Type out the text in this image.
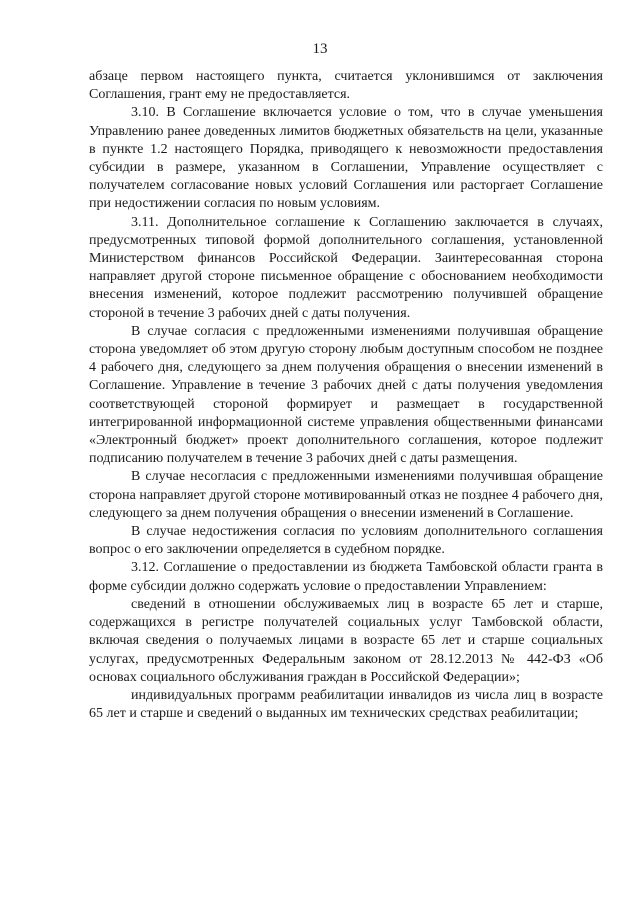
13

абзаце первом настоящего пункта, считается уклонившимся от заключения Соглашения, грант ему не предоставляется.

3.10. В Соглашение включается условие о том, что в случае уменьшения Управлению ранее доведенных лимитов бюджетных обязательств на цели, указанные в пункте 1.2 настоящего Порядка, приводящего к невозможности предоставления субсидии в размере, указанном в Соглашении, Управление осуществляет с получателем согласование новых условий Соглашения или расторгает Соглашение при недостижении согласия по новым условиям.

3.11. Дополнительное соглашение к Соглашению заключается в случаях, предусмотренных типовой формой дополнительного соглашения, установленной Министерством финансов Российской Федерации. Заинтересованная сторона направляет другой стороне письменное обращение с обоснованием необходимости внесения изменений, которое подлежит рассмотрению получившей обращение стороной в течение 3 рабочих дней с даты получения.

В случае согласия с предложенными изменениями получившая обращение сторона уведомляет об этом другую сторону любым доступным способом не позднее 4 рабочего дня, следующего за днем получения обращения о внесении изменений в Соглашение. Управление в течение 3 рабочих дней с даты получения уведомления соответствующей стороной формирует и размещает в государственной интегрированной информационной системе управления общественными финансами «Электронный бюджет» проект дополнительного соглашения, которое подлежит подписанию получателем в течение 3 рабочих дней с даты размещения.

В случае несогласия с предложенными изменениями получившая обращение сторона направляет другой стороне мотивированный отказ не позднее 4 рабочего дня, следующего за днем получения обращения о внесении изменений в Соглашение.

В случае недостижения согласия по условиям дополнительного соглашения вопрос о его заключении определяется в судебном порядке.

3.12. Соглашение о предоставлении из бюджета Тамбовской области гранта в форме субсидии должно содержать условие о предоставлении Управлением:

сведений в отношении обслуживаемых лиц в возрасте 65 лет и старше, содержащихся в регистре получателей социальных услуг Тамбовской области, включая сведения о получаемых лицами в возрасте 65 лет и старше социальных услугах, предусмотренных Федеральным законом от 28.12.2013 № 442-ФЗ «Об основах социального обслуживания граждан в Российской Федерации»;

индивидуальных программ реабилитации инвалидов из числа лиц в возрасте 65 лет и старше и сведений о выданных им технических средствах реабилитации;
